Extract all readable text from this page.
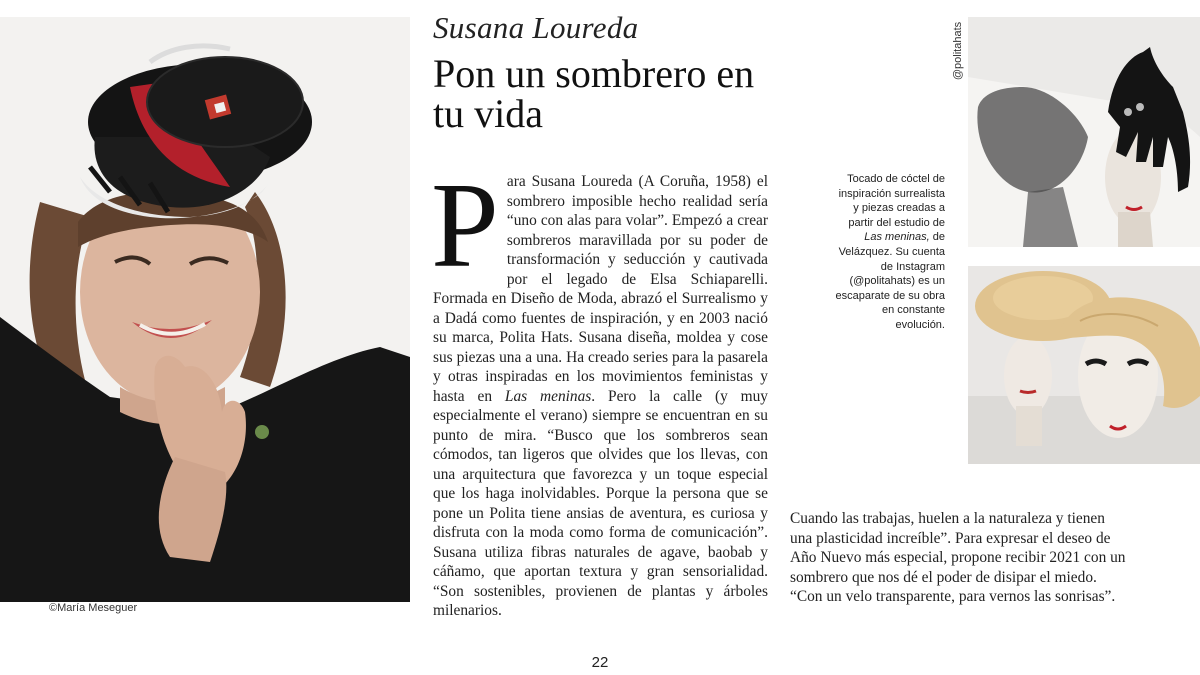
©María Meseguer
Susana Loureda
Pon un sombrero en tu vida
P ara Susana Loureda (A Coruña, 1958) el sombrero imposible hecho realidad sería “uno con alas para volar”. Empezó a crear sombreros maravillada por su poder de transformación y seducción y cautivada por el legado de Elsa Schiaparelli. Formada en Diseño de Moda, abrazó el Surrealismo y a Dadá como fuentes de inspiración, y en 2003 nació su marca, Polita Hats. Susana diseña, moldea y cose sus piezas una a una. Ha creado series para la pasarela y otras inspiradas en los movimientos feministas y hasta en Las meninas. Pero la calle (y muy especialmente el verano) siempre se encuentran en su punto de mira. “Busco que los sombreros sean cómodos, tan ligeros que olvides que los llevas, con una arquitectura que favorezca y un toque especial que los haga inolvidables. Porque la persona que se pone un Polita tiene ansias de aventura, es curiosa y disfruta con la moda como forma de comunicación”. Susana utiliza fibras naturales de agave, baobab y cáñamo, que aportan textura y gran sensorialidad. “Son sostenibles, provienen de plantas y árboles milenarios.

Cuando las trabajas, huelen a la naturaleza y tienen una plasticidad increíble”. Para expresar el deseo de Año Nuevo más especial, propone recibir 2021 con un sombrero que nos dé el poder de disipar el miedo. “Con un velo transparente, para vernos las sonrisas”.

Tocado de cóctel de inspiración surrealista y piezas creadas a partir del estudio de Las meninas, de Velázquez. Su cuenta de Instagram (@politahats) es un escaparate de su obra en constante evolución.
@politahats
22
